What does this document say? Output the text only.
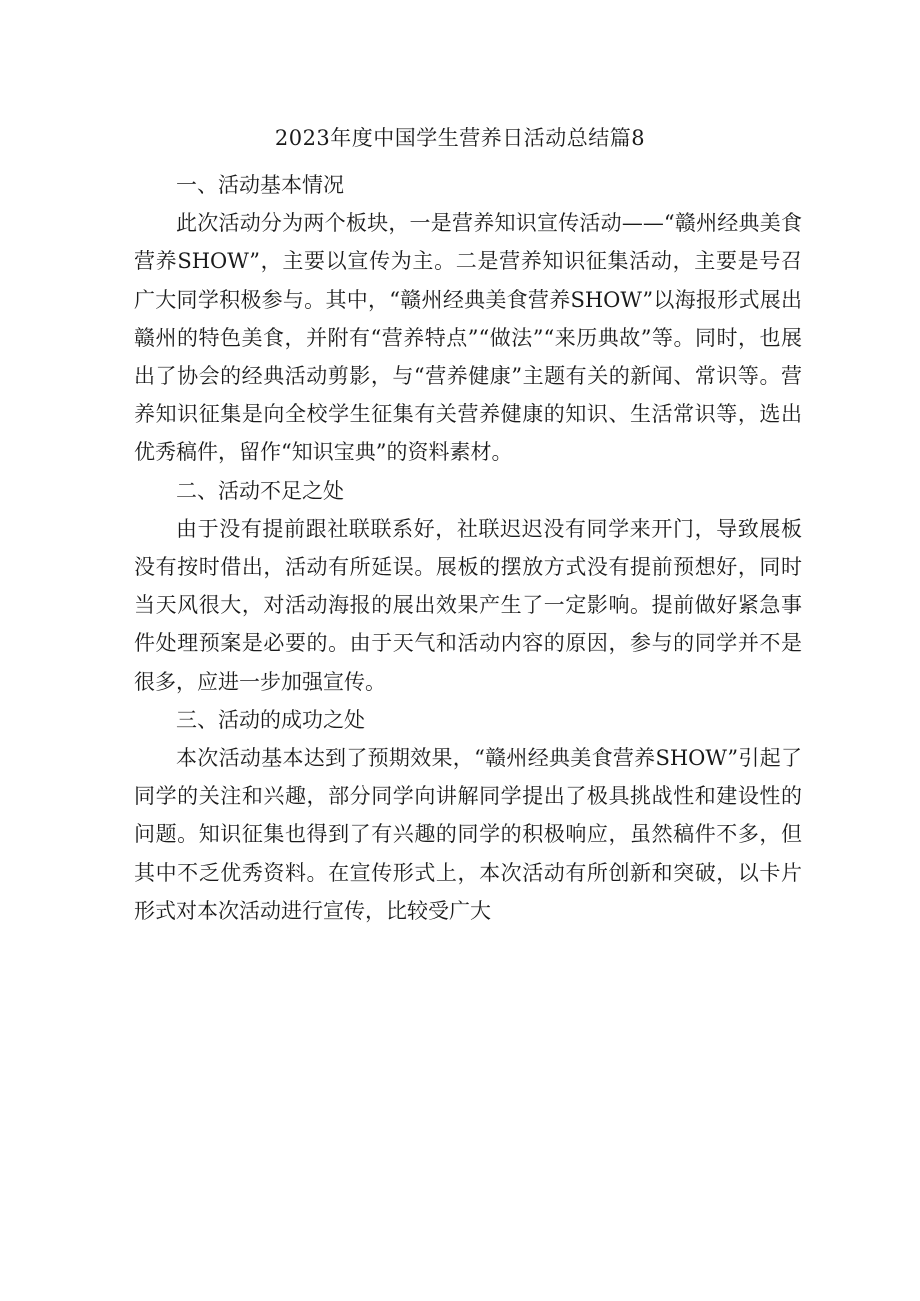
2023年度中国学生营养日活动总结篇8

一、活动基本情况

此次活动分为两个板块，一是营养知识宣传活动——“赣州经典美食营养SHOW”，主要以宣传为主。二是营养知识征集活动，主要是号召广大同学积极参与。其中，“赣州经典美食营养SHOW”以海报形式展出赣州的特色美食，并附有“营养特点”“做法”“来历典故”等。同时，也展出了协会的经典活动剪影，与“营养健康”主题有关的新闻、常识等。营养知识征集是向全校学生征集有关营养健康的知识、生活常识等，选出优秀稿件，留作“知识宝典”的资料素材。

二、活动不足之处

由于没有提前跟社联联系好，社联迟迟没有同学来开门，导致展板没有按时借出，活动有所延误。展板的摆放方式没有提前预想好，同时当天风很大，对活动海报的展出效果产生了一定影响。提前做好紧急事件处理预案是必要的。由于天气和活动内容的原因，参与的同学并不是很多，应进一步加强宣传。

三、活动的成功之处

本次活动基本达到了预期效果，“赣州经典美食营养SHOW”引起了同学的关注和兴趣，部分同学向讲解同学提出了极具挑战性和建设性的问题。知识征集也得到了有兴趣的同学的积极响应，虽然稿件不多，但其中不乏优秀资料。在宣传形式上，本次活动有所创新和突破，以卡片形式对本次活动进行宣传，比较受广大
